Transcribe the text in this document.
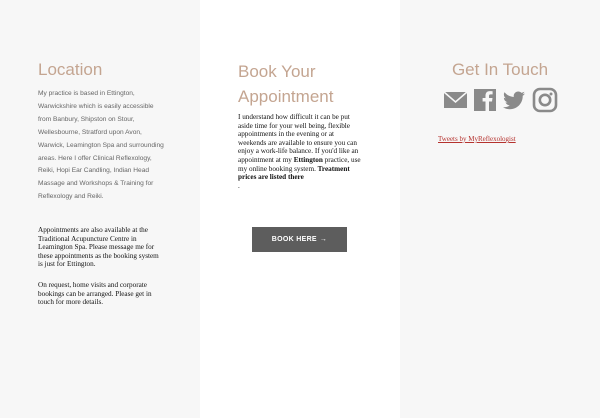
Location

My practice is based in Ettington, Warwickshire which is easily accessible from Banbury, Shipston on Stour, Wellesbourne, Stratford upon Avon, Warwick, Leamington Spa and surrounding areas. Here I offer Clinical Reflexology, Reiki, Hopi Ear Candling, Indian Head Massage and Workshops & Training for Reflexology and Reiki.

Appointments are also available at the Traditional Acupuncture Centre in Leamington Spa. Please message me for these appointments as the booking system is just for Ettington.

On request, home visits and corporate bookings can be arranged. Please get in touch for more details.

Book Your Appointment

I understand how difficult it can be put aside time for your well being, flexible appointments in the evening or at weekends are available to ensure you can enjoy a work-life balance. If you'd like an appointment at my Ettington practice, use my online booking system. Treatment prices are listed there
.

BOOK HERE →
Get In Touch
Tweets by MyReflexologist
